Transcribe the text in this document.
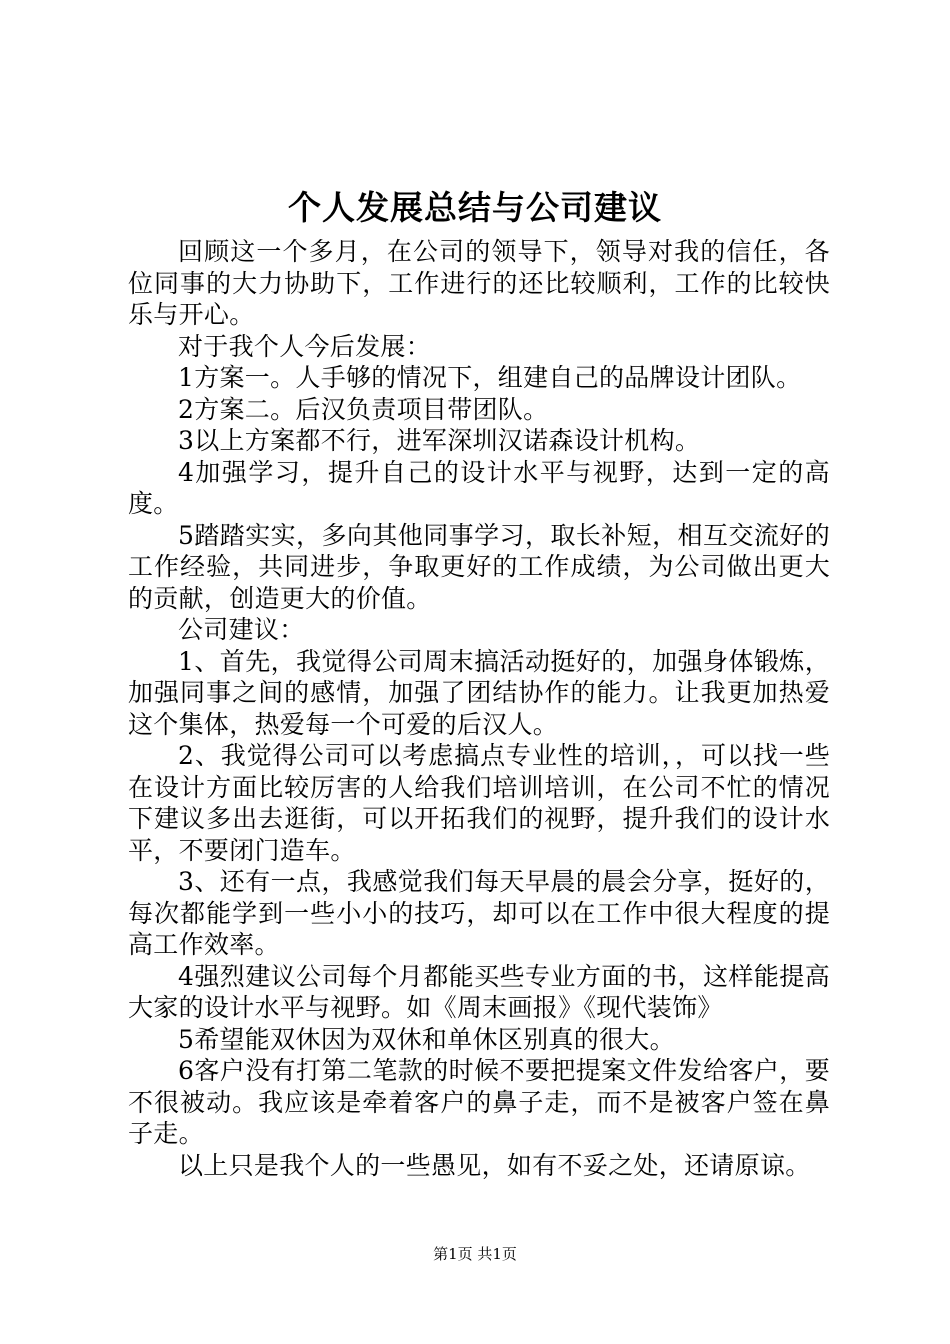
个人发展总结与公司建议

回顾这一个多月，在公司的领导下，领导对我的信任，各位同事的大力协助下，工作进行的还比较顺利，工作的比较快乐与开心。

对于我个人今后发展：

1方案一。人手够的情况下，组建自己的品牌设计团队。

2方案二。后汉负责项目带团队。

3以上方案都不行，进军深圳汉诺森设计机构。

4加强学习，提升自己的设计水平与视野，达到一定的高度。

5踏踏实实，多向其他同事学习，取长补短，相互交流好的工作经验，共同进步，争取更好的工作成绩，为公司做出更大的贡献，创造更大的价值。

公司建议：

1、首先，我觉得公司周末搞活动挺好的，加强身体锻炼，加强同事之间的感情，加强了团结协作的能力。让我更加热爱这个集体，热爱每一个可爱的后汉人。

2、我觉得公司可以考虑搞点专业性的培训，，可以找一些在设计方面比较厉害的人给我们培训培训，在公司不忙的情况下建议多出去逛街，可以开拓我们的视野，提升我们的设计水平，不要闭门造车。

3、还有一点，我感觉我们每天早晨的晨会分享，挺好的，每次都能学到一些小小的技巧，却可以在工作中很大程度的提高工作效率。

4强烈建议公司每个月都能买些专业方面的书，这样能提高大家的设计水平与视野。如《周末画报》《现代装饰》

5希望能双休因为双休和单休区别真的很大。

6客户没有打第二笔款的时候不要把提案文件发给客户，要不很被动。我应该是牵着客户的鼻子走，而不是被客户签在鼻子走。

以上只是我个人的一些愚见，如有不妥之处，还请原谅。

第1页 共1页
